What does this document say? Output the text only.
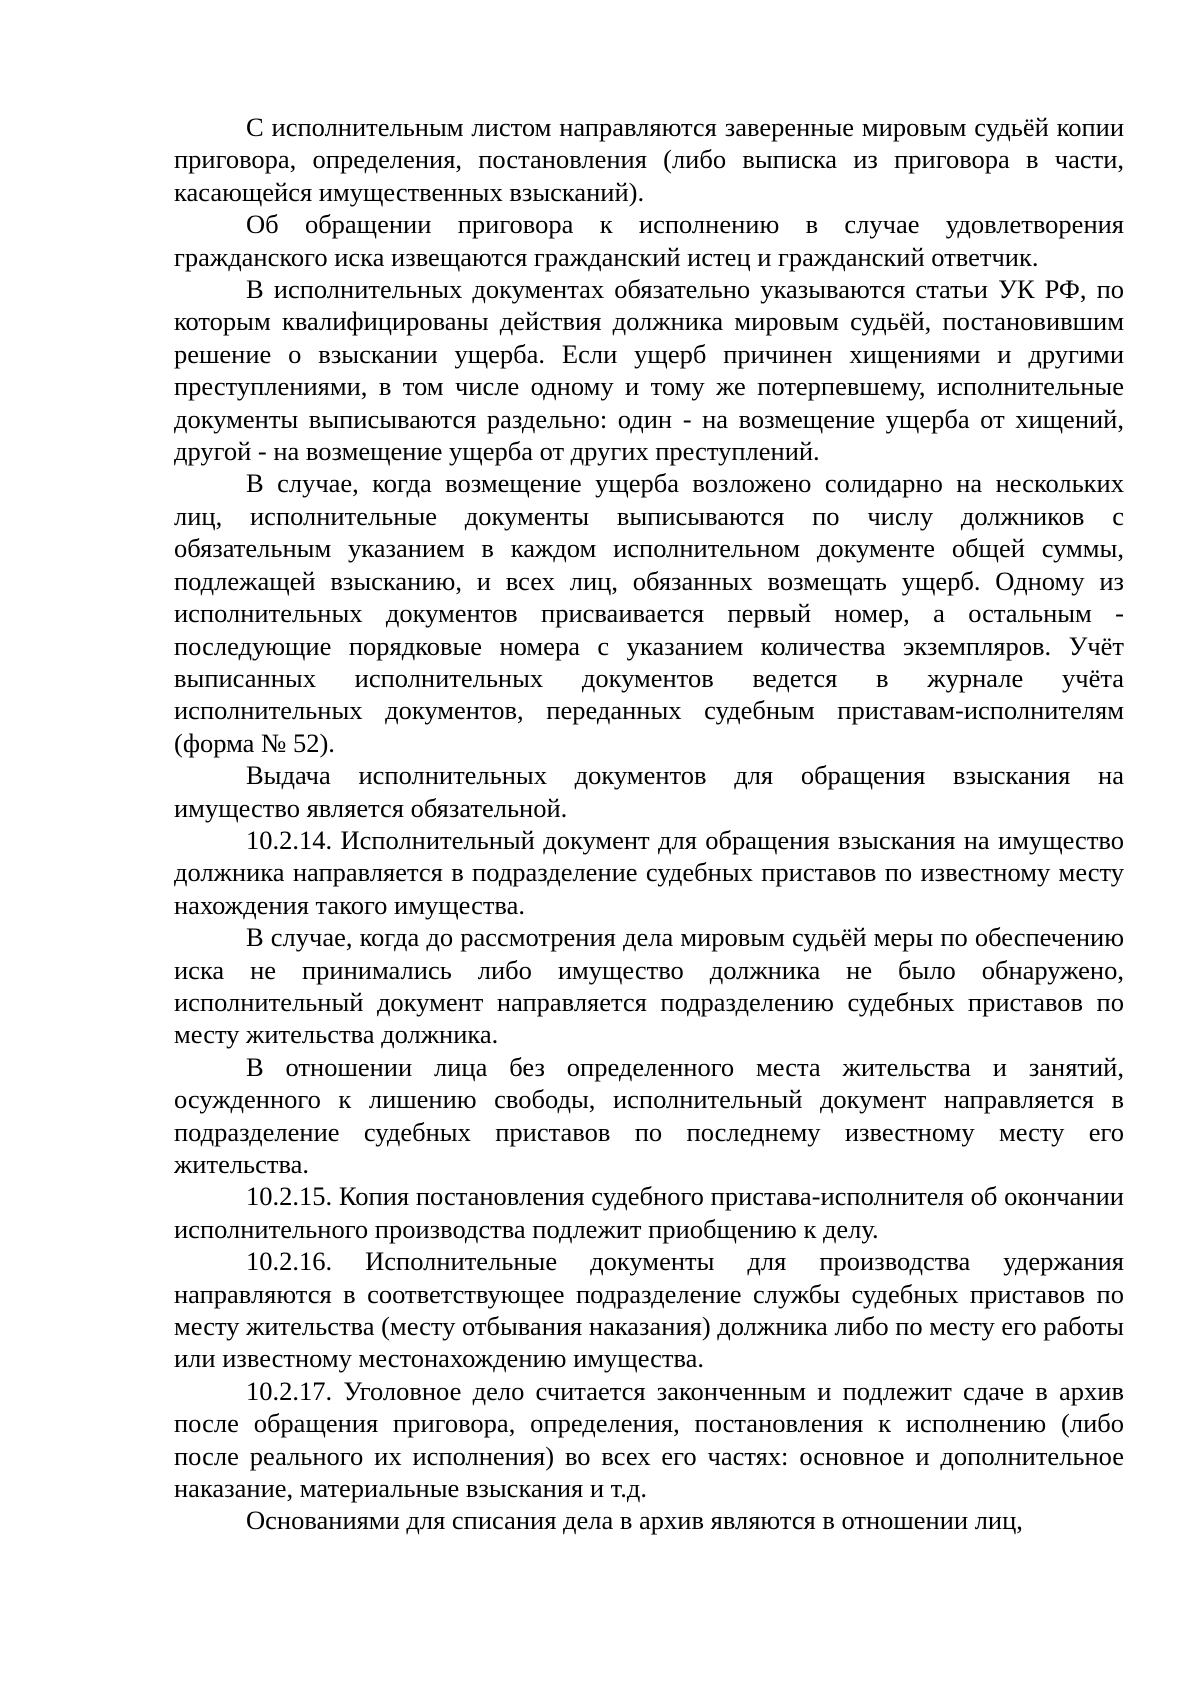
С исполнительным листом направляются заверенные мировым судьёй копии приговора, определения, постановления (либо выписка из приговора в части, касающейся имущественных взысканий).

Об обращении приговора к исполнению в случае удовлетворения гражданского иска извещаются гражданский истец и гражданский ответчик.

В исполнительных документах обязательно указываются статьи УК РФ, по которым квалифицированы действия должника мировым судьёй, постановившим решение о взыскании ущерба. Если ущерб причинен хищениями и другими преступлениями, в том числе одному и тому же потерпевшему, исполнительные документы выписываются раздельно: один - на возмещение ущерба от хищений, другой - на возмещение ущерба от других преступлений.

В случае, когда возмещение ущерба возложено солидарно на нескольких лиц, исполнительные документы выписываются по числу должников с обязательным указанием в каждом исполнительном документе общей суммы, подлежащей взысканию, и всех лиц, обязанных возмещать ущерб. Одному из исполнительных документов присваивается первый номер, а остальным - последующие порядковые номера с указанием количества экземпляров. Учёт выписанных исполнительных документов ведется в журнале учёта исполнительных документов, переданных судебным приставам-исполнителям (форма № 52).

Выдача исполнительных документов для обращения взыскания на имущество является обязательной.

10.2.14. Исполнительный документ для обращения взыскания на имущество должника направляется в подразделение судебных приставов по известному месту нахождения такого имущества.

В случае, когда до рассмотрения дела мировым судьёй меры по обеспечению иска не принимались либо имущество должника не было обнаружено, исполнительный документ направляется подразделению судебных приставов по месту жительства должника.

В отношении лица без определенного места жительства и занятий, осужденного к лишению свободы, исполнительный документ направляется в подразделение судебных приставов по последнему известному месту его жительства.

10.2.15. Копия постановления судебного пристава-исполнителя об окончании исполнительного производства подлежит приобщению к делу.

10.2.16. Исполнительные документы для производства удержания направляются в соответствующее подразделение службы судебных приставов по месту жительства (месту отбывания наказания) должника либо по месту его работы или известному местонахождению имущества.

10.2.17. Уголовное дело считается законченным и подлежит сдаче в архив после обращения приговора, определения, постановления к исполнению (либо после реального их исполнения) во всех его частях: основное и дополнительное наказание, материальные взыскания и т.д.

Основаниями для списания дела в архив являются в отношении лиц,
